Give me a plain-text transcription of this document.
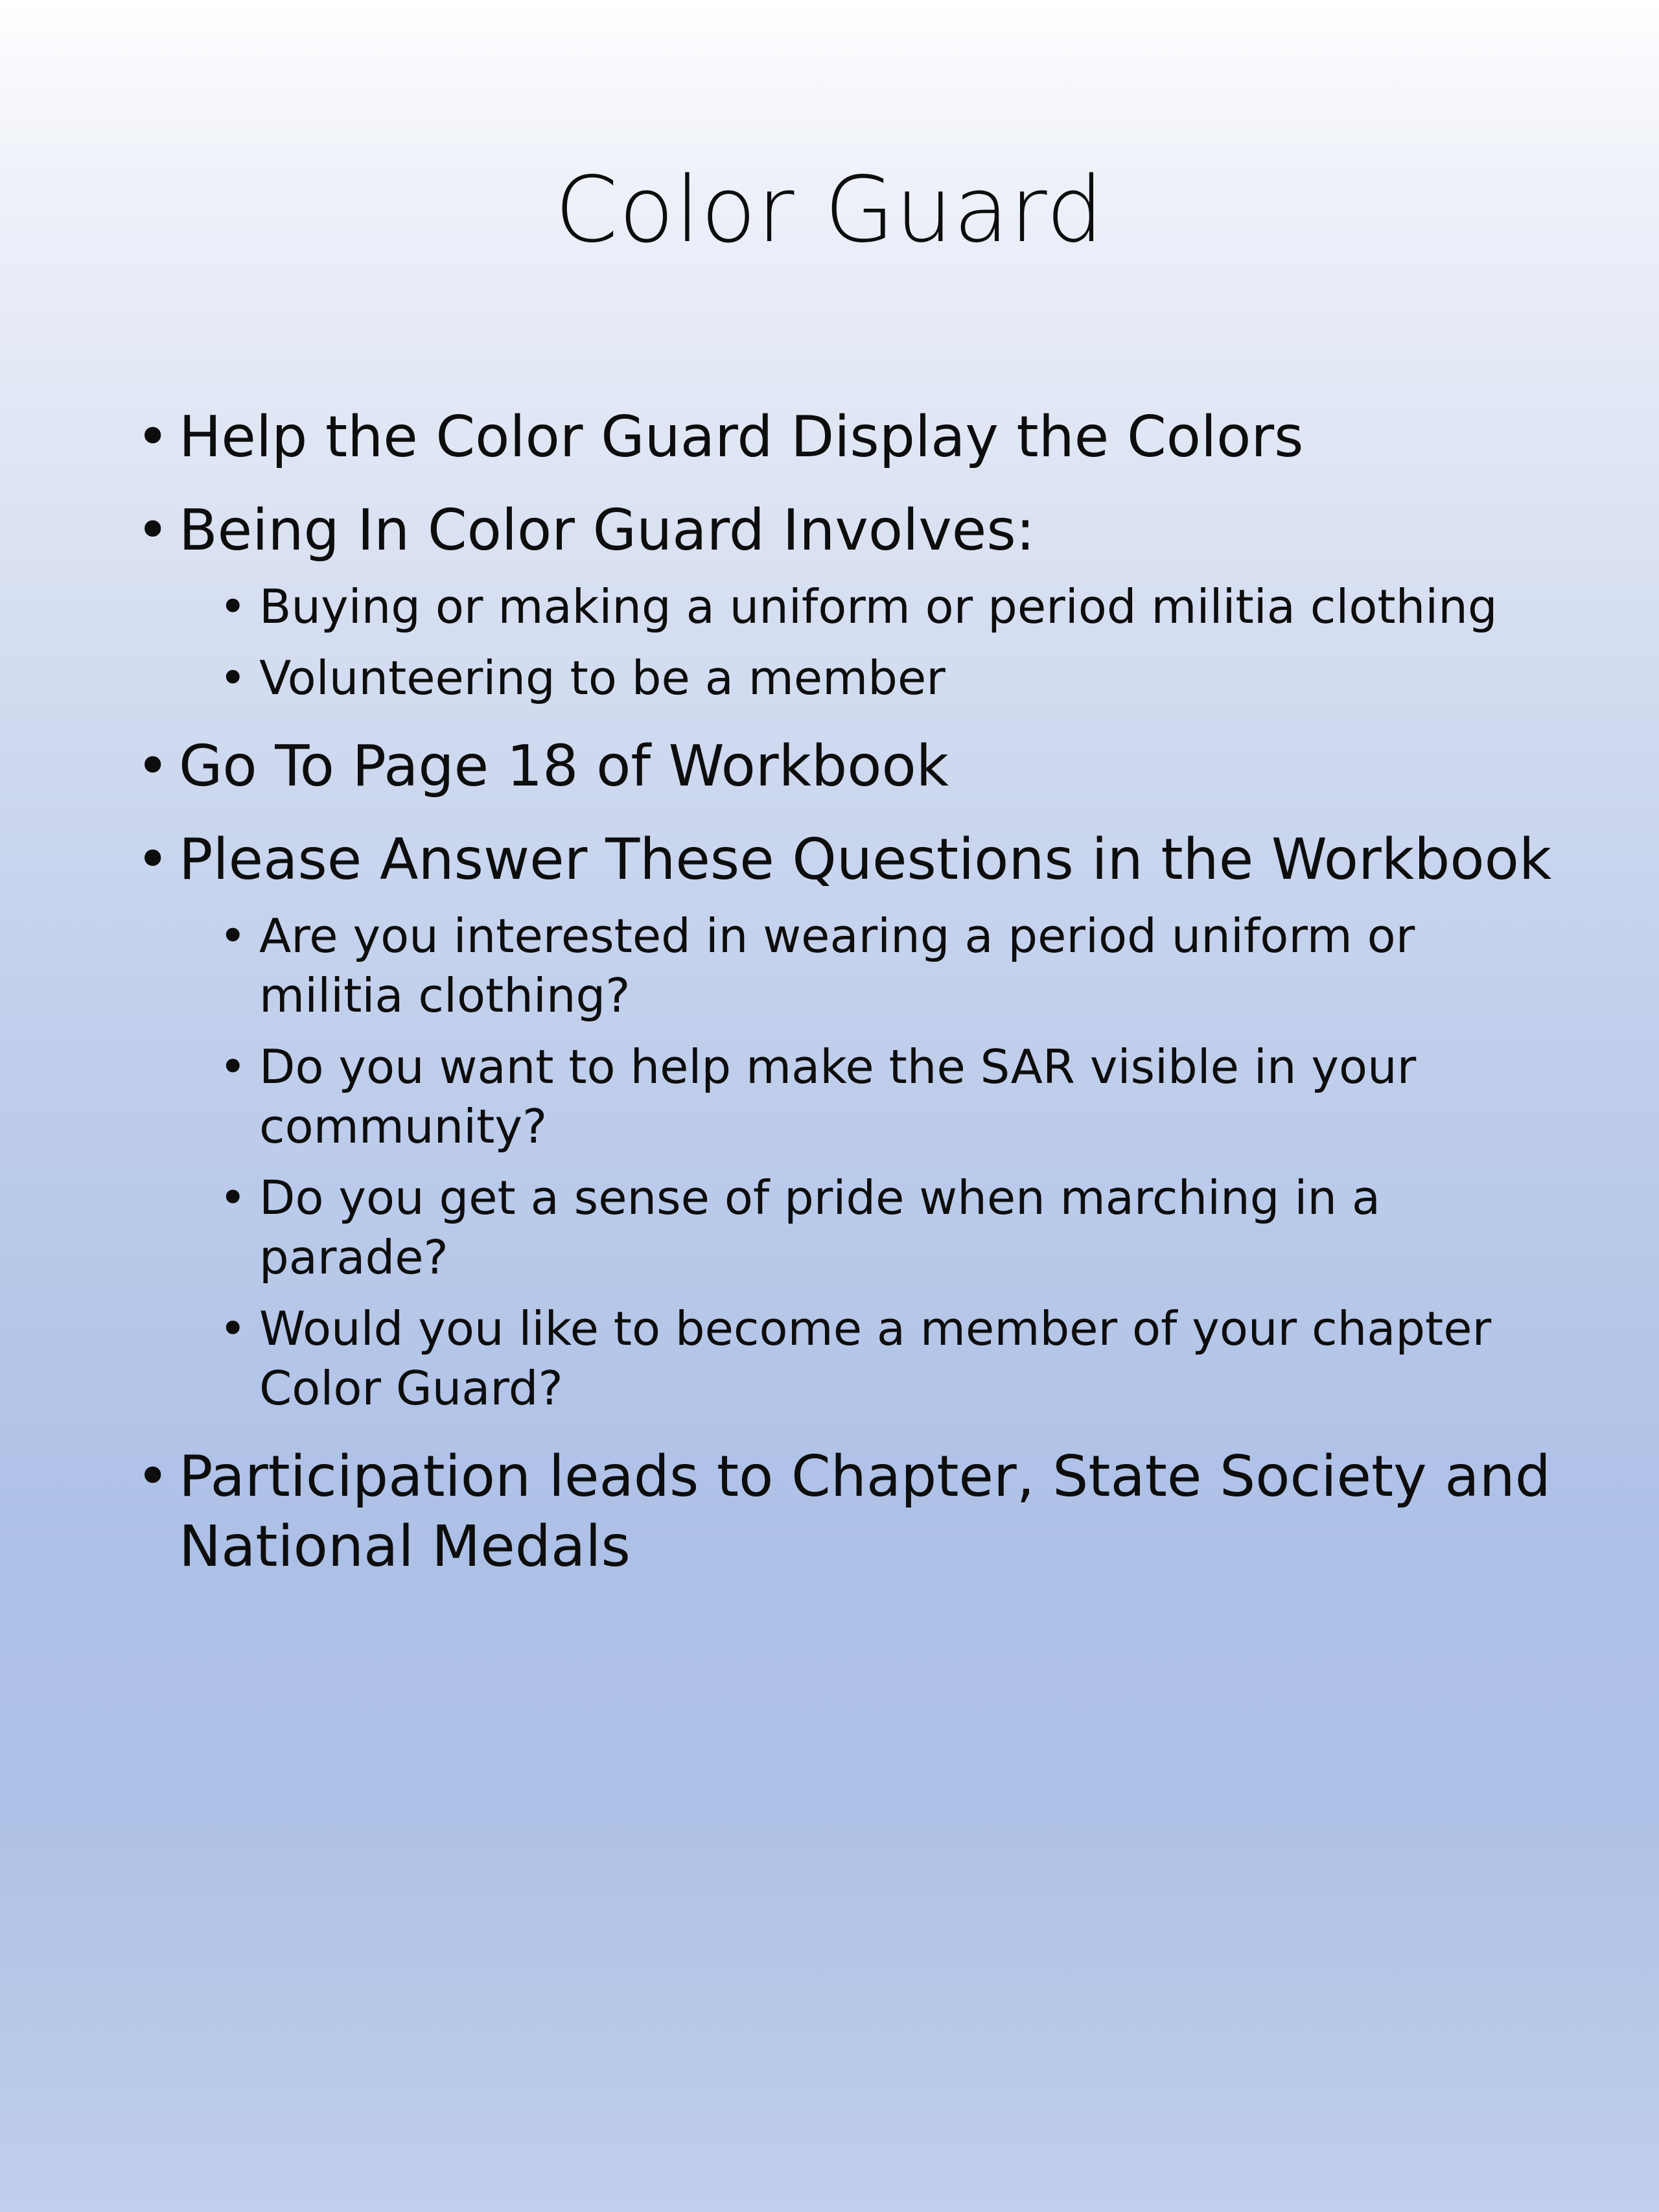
Color Guard
• Help the Color Guard Display the Colors
• Being In Color Guard Involves:
• Buying or making a uniform or period militia clothing
• Volunteering to be a member
• Go To Page 18 of Workbook
• Please Answer These Questions in the Workbook
• Are you interested in wearing a period uniform or militia clothing?
• Do you want to help make the SAR visible in your community?
• Do you get a sense of pride when marching in a parade?
• Would you like to become a member of your chapter Color Guard?
• Participation leads to Chapter, State Society and National Medals
